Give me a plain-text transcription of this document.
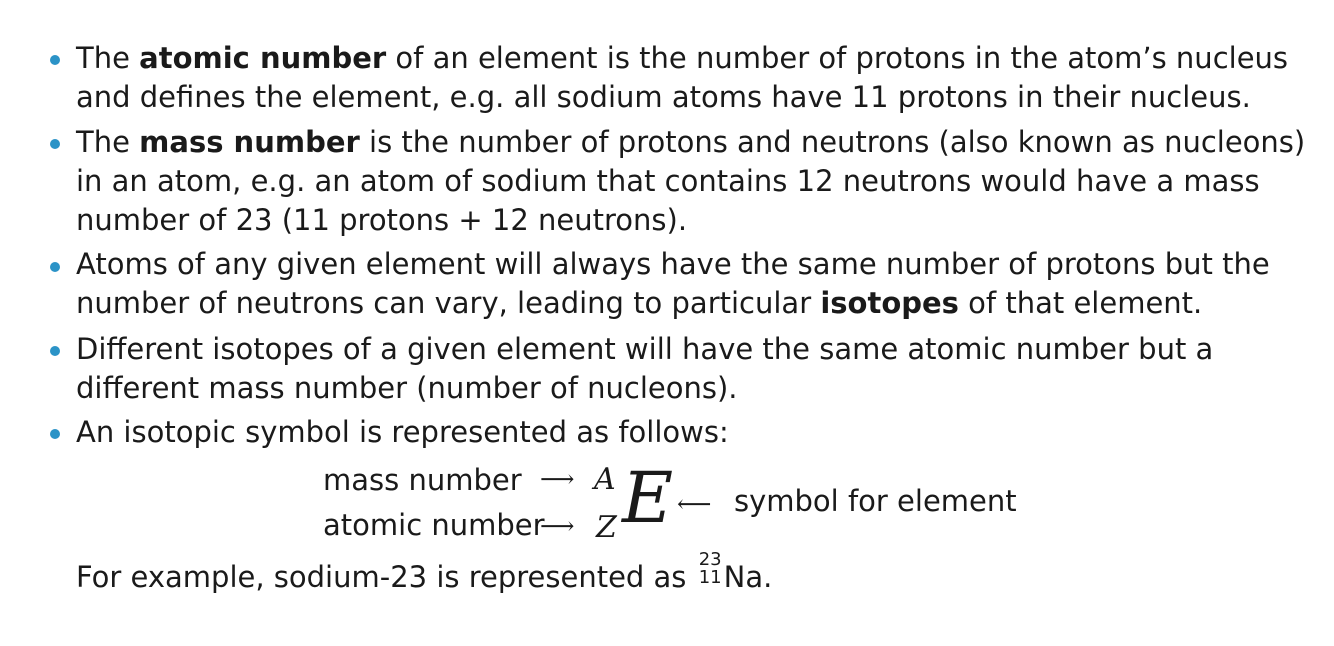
The atomic number of an element is the number of protons in the atom’s nucleus and defines the element, e.g. all sodium atoms have 11 protons in their nucleus.
The mass number is the number of protons and neutrons (also known as nucleons) in an atom, e.g. an atom of sodium that contains 12 neutrons would have a mass number of 23 (11 protons + 12 neutrons).
Atoms of any given element will always have the same number of protons but the number of neutrons can vary, leading to particular isotopes of that element.
Different isotopes of a given element will have the same atomic number but a different mass number (number of nucleons).
An isotopic symbol is represented as follows:
mass number
atomic number
⟶
⟶
A
Z E ⟵ symbol for element
For example, sodium-23 is represented as
23
11 Na.
